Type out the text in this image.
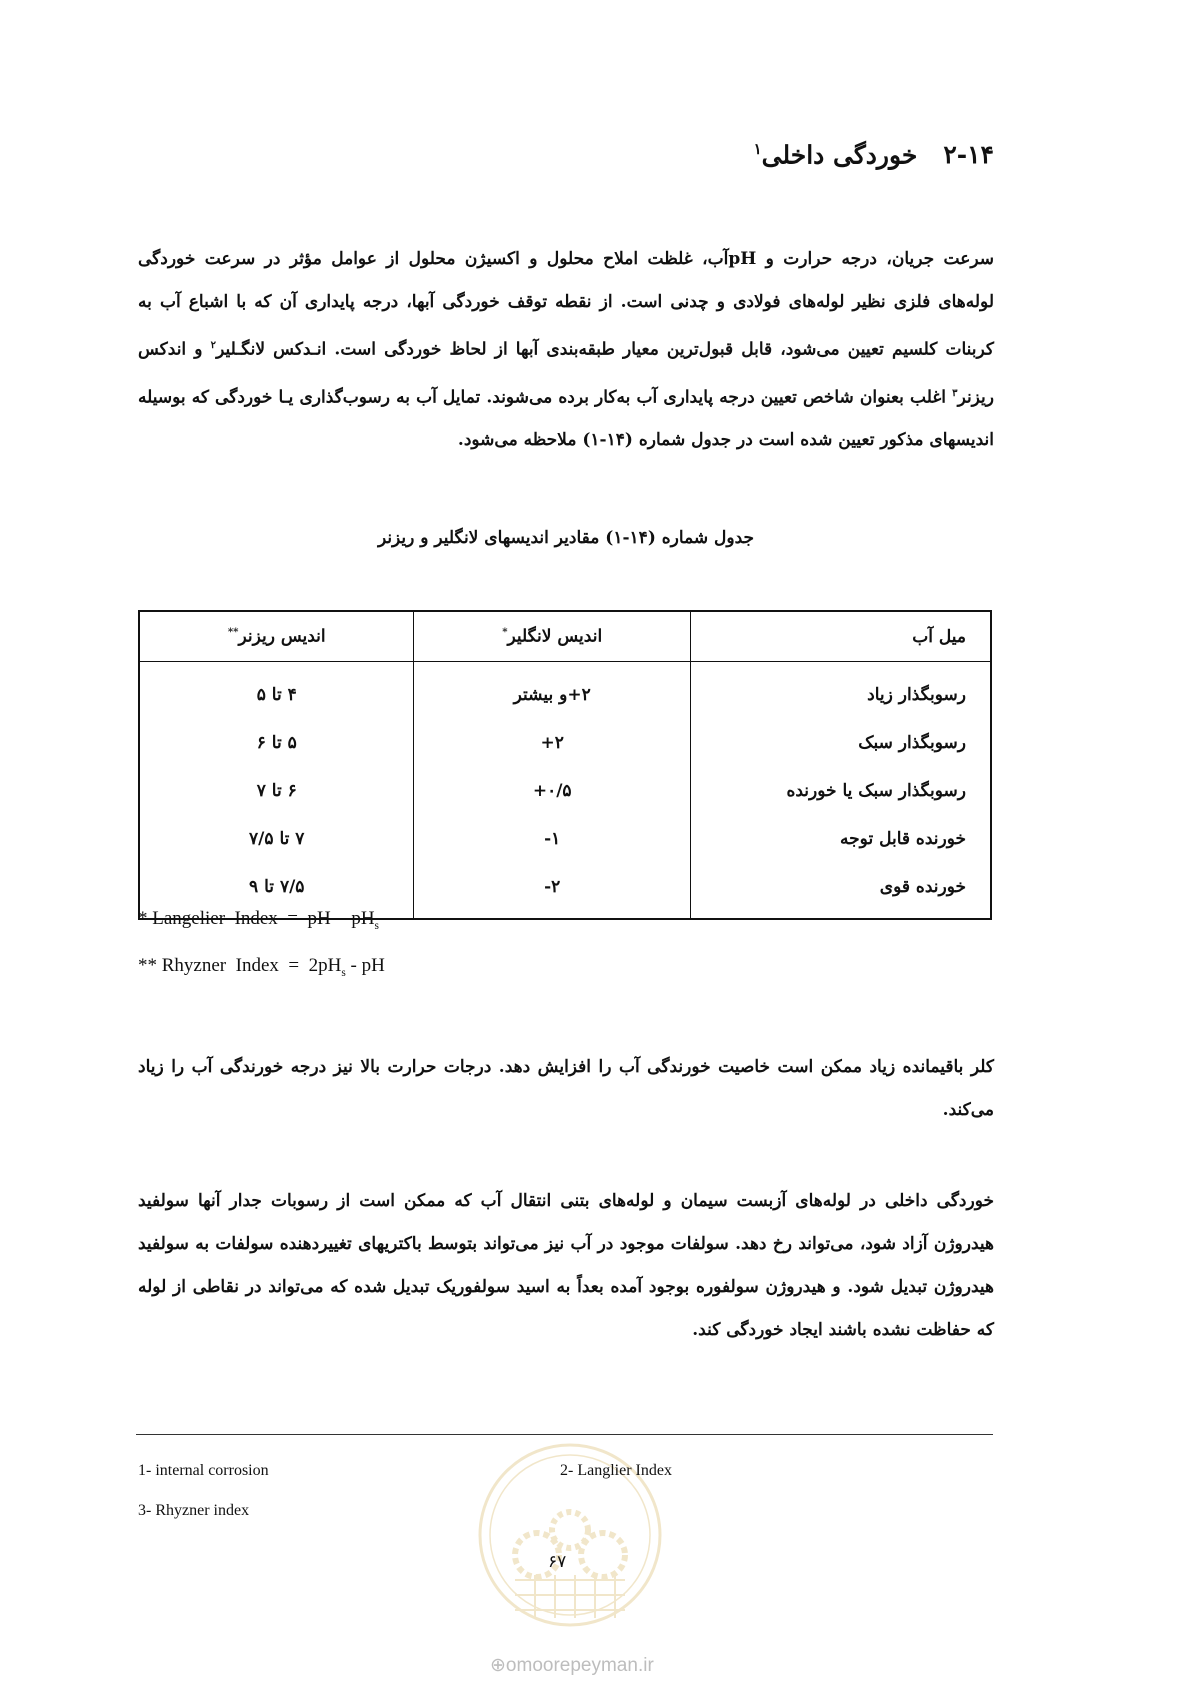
۲-۱۴خوردگی داخلی$^۱$
سرعت جریان، درجه حرارت و pHآب، غلظت املاح محلول و اکسیژن محلول از عوامل مؤثر در سرعت خوردگی لوله‌های فلزی نظیر لوله‌های فولادی و چدنی است. از نقطه توقف خوردگی آبها، درجه پایداری آن که با اشباع آب به کربنات کلسیم تعیین می‌شود، قابل قبول‌ترین معیار طبقه‌بندی آبها از لحاظ خوردگی است. انـدکس لانگـلیر$^۲$ و اندکس ریزنر$^۳$ اغلب بعنوان شاخص تعیین درجه پایداری آب به‌کار برده می‌شوند. تمایل آب به رسوب‌گذاری یـا خوردگی که بوسیله اندیسهای مذکور تعیین شده است در جدول شماره (۱۴-۱) ملاحظه می‌شود.
جدول شماره (۱۴-۱) مقادیر اندیسهای لانگلیر و ریزنر
میل آب	اندیس لانگلیر*	اندیس ریزنر**
رسوبگذار زیاد	۲+و بیشتر	۴ تا ۵
رسوبگذار سبک	۲+	۵ تا ۶
رسوبگذار سبک یا خورنده	۰/۵+	۶ تا ۷
خورنده قابل توجه	۱-	۷ تا ۷/۵
خورنده قوی	۲-	۷/۵ تا ۹
* Langelier  Index  =  pH  - $pH_s$
** Rhyzner  Index  =  $2pH_s$ - pH
کلر باقیمانده زیاد ممکن است خاصیت خورندگی آب را افزایش دهد. درجات حرارت بالا نیز درجه خورندگی آب را زیاد می‌کند.
خوردگی داخلی در لوله‌های آزبست سیمان و لوله‌های بتنی انتقال آب که ممکن است از رسوبات جدار آنها سولفید هیدروژن آزاد شود، می‌تواند رخ دهد. سولفات موجود در آب نیز می‌تواند بتوسط باکتریهای تغییردهنده سولفات به سولفید هیدروژن تبدیل شود. و هیدروژن سولفوره بوجود آمده بعداً به اسید سولفوریک تبدیل شده که می‌تواند در نقاطی از لوله که حفاظت نشده باشند ایجاد خوردگی کند.
1- internal corrosion	2- Langlier Index
3- Rhyzner index
۶۷
⊕omoorepeyman.ir
